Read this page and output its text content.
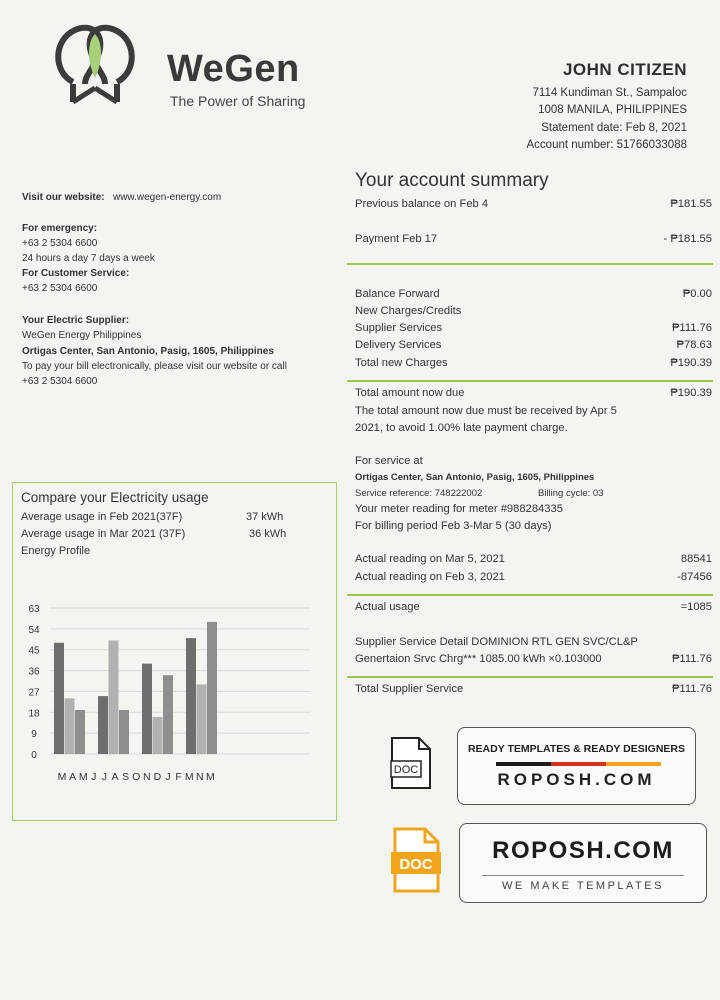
WeGen
The Power of Sharing
JOHN CITIZEN
7114 Kundiman St., Sampaloc
1008 MANILA, PHILIPPINES
Statement date: Feb 8, 2021
Account number: 51766033088
Visit our website: www.wegen-energy.com
For emergency:
+63 2 5304 6600
24 hours a day 7 days a week
For Customer Service:
+63 2 5304 6600
Your Electric Supplier:
WeGen Energy Philippines
Ortigas Center, San Antonio, Pasig, 1605, Philippines
To pay your bill electronically, please visit our website or call
+63 2 5304 6600
Your account summary
Previous balance on Feb 4	₱181.55
Payment Feb 17	- ₱181.55
Balance Forward	₱0.00
New Charges/Credits
Supplier Services	₱111.76
Delivery Services	₱78.63
Total new Charges	₱190.39
Total amount now due	₱190.39
The total amount now due must be received by Apr 5
2021, to avoid 1.00% late payment charge.
For service at
Ortigas Center, San Antonio, Pasig, 1605, Philippines
Service reference: 748222002	Billing cycle: 03
Your meter reading for meter #988284335
For billing period Feb 3-Mar 5 (30 days)
Actual reading on Mar 5, 2021	88541
Actual reading on Feb 3, 2021	-87456
Actual usage	=1085
Supplier Service Detail DOMINION RTL GEN SVC/CL&P
Genertaion Srvc Chrg*** 1085.00 kWh ×0.103000	₱111.76
Total Supplier Service	₱111.76
Compare your Electricity usage
Average usage in Feb 2021(37F)	37 kWh
Average usage in Mar 2021 (37F)	36 kWh
Energy Profile
0
9
18
27
36
45
54
63
M A M J J A S O N D J F M N M
DOC
READY TEMPLATES & READY DESIGNERS
ROPOSH.COM
DOC
ROPOSH.COM
WE MAKE TEMPLATES
